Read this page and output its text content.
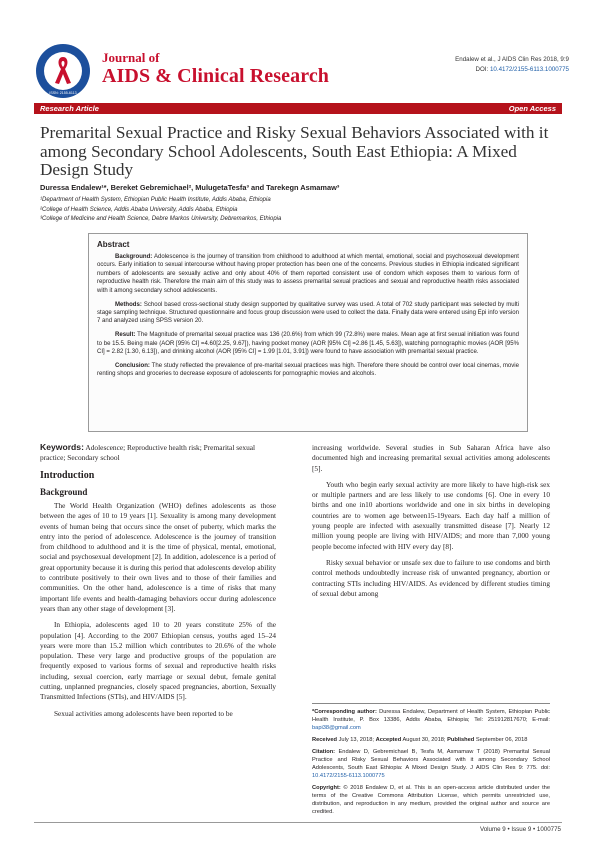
ISSN: 2155-6113
Journal of
AIDS & Clinical Research
Endalew et al., J AIDS Clin Res 2018, 9:9
DOI: 10.4172/2155-6113.1000775
Research Article	Open Access
Premarital Sexual Practice and Risky Sexual Behaviors Associated with it among Secondary School Adolescents, South East Ethiopia: A Mixed Design Study
Duressa Endalew¹*, Bereket Gebremichael², MulugetaTesfa³ and Tarekegn Asmamaw³
¹Department of Health System, Ethiopian Public Health Institute, Addis Ababa, Ethiopia
²College of Health Science, Addis Ababa University, Addis Ababa, Ethiopia
³College of Medicine and Health Science, Debre Markos University, Debremarkos, Ethiopia
Abstract

Background: Adolescence is the journey of transition from childhood to adulthood at which mental, emotional, social and psychosexual development occurs. Early initiation to sexual intercourse without having proper protection has been one of the concerns. Previous studies in Ethiopia indicated significant numbers of adolescents are sexually active and only about 40% of them reported consistent use of condom which exposes them to various form of reproductive health risk. Therefore the main aim of this study was to assess premarital sexual practices and sexual and reproductive health risks associated with it among secondary school adolescents.

Methods: School based cross-sectional study design supported by qualitative survey was used. A total of 702 study participant was selected by multi stage sampling technique. Structured questionnaire and focus group discussion were used to collect the data. Finally data were entered using Epi info version 7 and analyzed using SPSS version 20.

Result: The Magnitude of premarital sexual practice was 136 (20.6%) from which 99 (72.8%) were males. Mean age at first sexual initiation was found to be 15.5. Being male (AOR [95% CI] =4.60[2.25, 9.67]), having pocket money (AOR [95% CI] =2.86 [1.45, 5.63]), watching pornographic movies (AOR [95% CI] = 2.82 [1.30, 6.13]), and drinking alcohol (AOR [95% CI] = 1.99 [1.01, 3.91]) were found to have association with premarital sexual practice.

Conclusion: The study reflected the prevalence of pre-marital sexual practices was high. Therefore there should be control over local cinemas, movie renting shops and groceries to decrease exposure of adolescents for pornographic movies and alcohols.

Keywords: Adolescence; Reproductive health risk; Premarital sexual practice; Secondary school
Introduction
Background

The World Health Organization (WHO) defines adolescents as those between the ages of 10 to 19 years [1]. Sexuality is among many development events of human being that occurs since the onset of puberty, which marks the entry into the period of adolescence. Adolescence is the journey of transition from childhood to adulthood and it is the time of physical, mental, emotional, social and psychosexual development [2]. In addition, adolescence is a period of great opportunity because it is during this period that adolescents develop ability to contribute positively to their own lives and to those of their families and communities. On the other hand, adolescence is a time of risks that many important life events and health-damaging behaviors occur during adolescence years than any other stage of development [3].

In Ethiopia, adolescents aged 10 to 20 years constitute 25% of the population [4]. According to the 2007 Ethiopian census, youths aged 15–24 years were more than 15.2 million which contributes to 20.6% of the whole population. These very large and productive groups of the population are frequently exposed to various forms of sexual and reproductive health risks including, sexual coercion, early marriage or sexual debut, female genital cutting, unplanned pregnancies, closely spaced pregnancies, abortion, Sexually Transmitted Infections (STIs), and HIV/AIDS [5].

Sexual activities among adolescents have been reported to be

increasing worldwide. Several studies in Sub Saharan Africa have also documented high and increasing premarital sexual activities among adolescents [5].

Youth who begin early sexual activity are more likely to have high-risk sex or multiple partners and are less likely to use condoms [6]. One in every 10 births and one in10 abortions worldwide and one in six births in developing countries are to women age between15-19years. Each day half a million of young people are infected with asexually transmitted disease [7]. Nearly 12 million young people are living with HIV/AIDS; and more than 7,000 young people become infected with HIV every day [8].

Risky sexual behavior or unsafe sex due to failure to use condoms and birth control methods undoubtedly increase risk of unwanted pregnancy, abortion or contracting STIs including HIV/AIDS. As evidenced by different studies timing of sexual debut among

*Corresponding author: Duressa Endalew, Department of Health System, Ethiopian Public Health Institute, P. Box 13386, Addis Ababa, Ethiopia; Tel: 251912817670; E-mail: bapi38@gmail.com

Received July 13, 2018; Accepted August 30, 2018; Published September 06, 2018

Citation: Endalew D, Gebremichael B, Tesfa M, Asmamaw T (2018) Premarital Sexual Practice and Risky Sexual Behaviors Associated with it among Secondary School Adolescents, South East Ethiopia: A Mixed Design Study. J AIDS Clin Res 9: 775. doi: 10.4172/2155-6113.1000775

Copyright: © 2018 Endalew D, et al. This is an open-access article distributed under the terms of the Creative Commons Attribution License, which permits unrestricted use, distribution, and reproduction in any medium, provided the original author and source are credited.

Volume 9 • Issue 9 • 1000775
